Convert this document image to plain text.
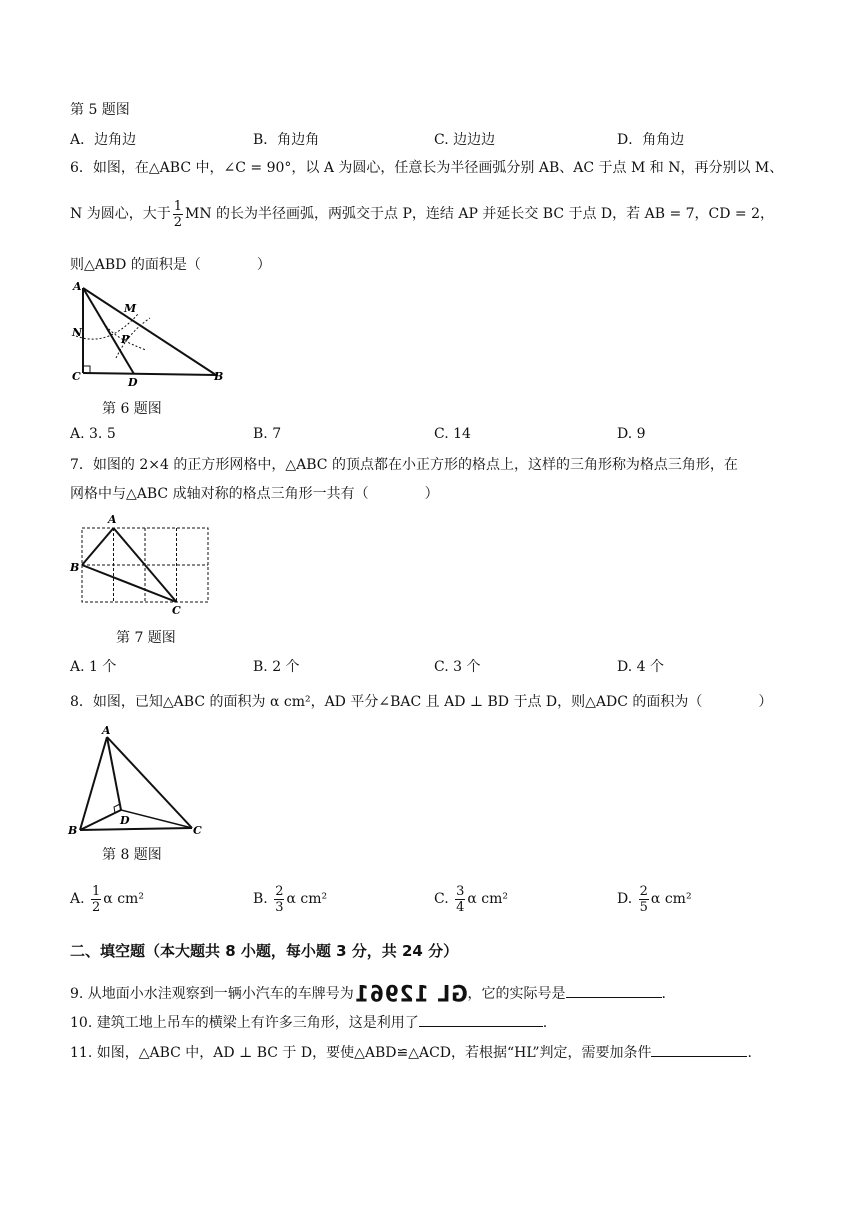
第 5 题图
A．边角边	B．角边角	C. 边边边	D．角角边
6．如图，在△ABC 中，∠C = 90°，以 A 为圆心，任意长为半径画弧分别 AB、AC 于点 M 和 N，再分别以 M、
N 为圆心，大于 $\frac{1}{2}$ MN 的长为半径画弧，两弧交于点 P，连结 AP 并延长交 BC 于点 D，若 AB = 7，CD = 2，
则△ABD 的面积是（　　　　）
A
M
N
P
C	D	B
第 6 题图
A. 3. 5	B. 7	C. 14	D. 9
7．如图的 2×4 的正方形网格中，△ABC 的顶点都在小正方形的格点上，这样的三角形称为格点三角形，在
网格中与△ABC 成轴对称的格点三角形一共有（　　　　）
A
B
C
第 7 题图
A. 1 个	B. 2 个	C. 3 个	D. 4 个
8．如图，已知△ABC 的面积为 α cm²，AD 平分∠BAC 且 AD ⊥ BD 于点 D，则△ADC 的面积为（　　　　）
A
B
D
C
第 8 题图
A. $\frac{1}{2}$ α cm²	B. $\frac{2}{3}$ α cm²	C. $\frac{3}{4}$ α cm²	D. $\frac{2}{5}$ α cm²
二、填空题（本大题共 8 小题，每小题 3 分，共 24 分）
9. 从地面小水洼观察到一辆小汽车的车牌号为GL 12961，它的实际号是	.
10. 建筑工地上吊车的横梁上有许多三角形，这是利用了	.
11. 如图，△ABC 中，AD ⊥ BC 于 D，要使△ABD≌△ACD，若根据“HL”判定，需要加条件	.
